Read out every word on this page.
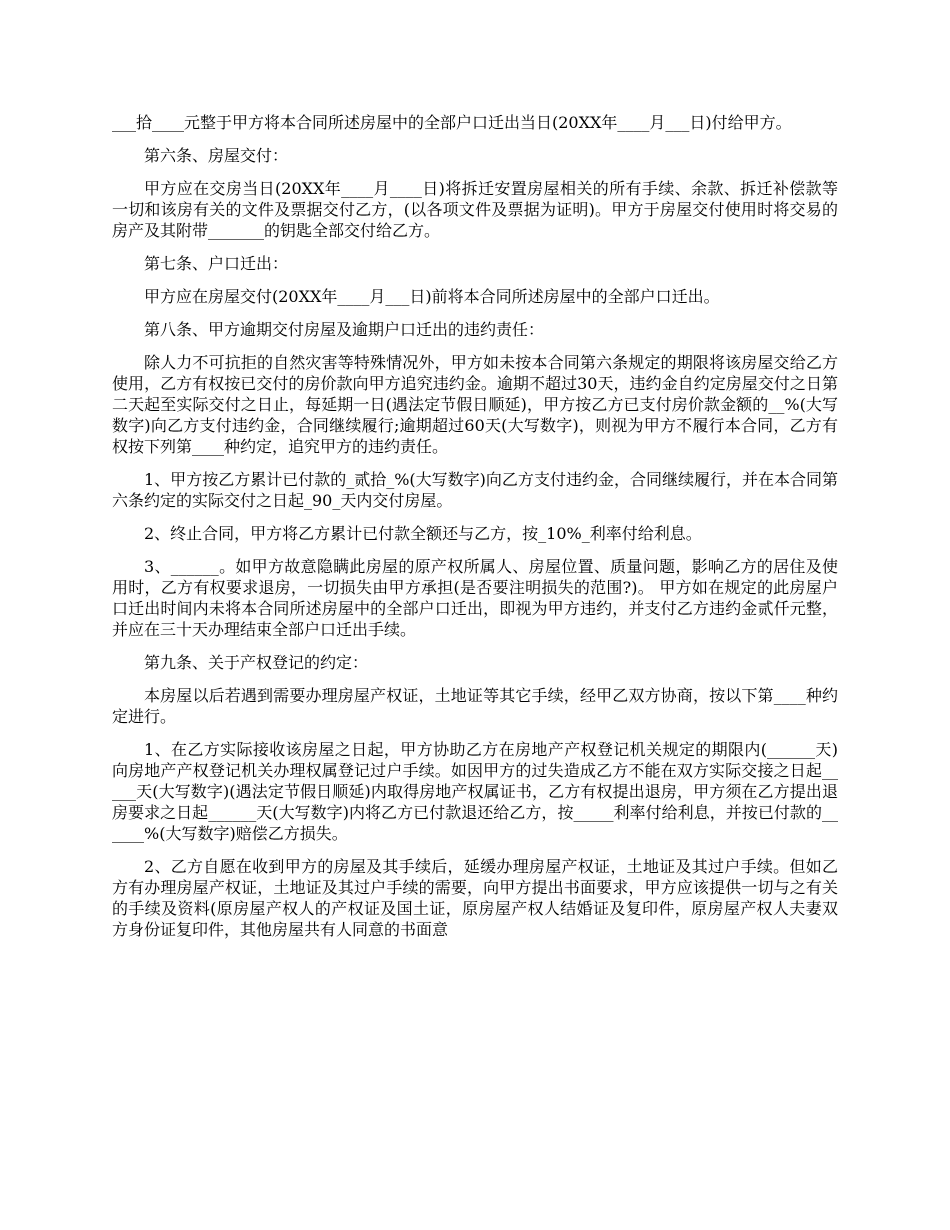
___拾____元整于甲方将本合同所述房屋中的全部户口迁出当日(20XX年____月___日)付给甲方。

第六条、房屋交付：

甲方应在交房当日(20XX年____月____日)将拆迁安置房屋相关的所有手续、余款、拆迁补偿款等一切和该房有关的文件及票据交付乙方，(以各项文件及票据为证明)。甲方于房屋交付使用时将交易的房产及其附带_______的钥匙全部交付给乙方。

第七条、户口迁出：

甲方应在房屋交付(20XX年____月___日)前将本合同所述房屋中的全部户口迁出。

第八条、甲方逾期交付房屋及逾期户口迁出的违约责任：

除人力不可抗拒的自然灾害等特殊情况外，甲方如未按本合同第六条规定的期限将该房屋交给乙方使用，乙方有权按已交付的房价款向甲方追究违约金。逾期不超过30天，违约金自约定房屋交付之日第二天起至实际交付之日止，每延期一日(遇法定节假日顺延)，甲方按乙方已支付房价款金额的__%(大写数字)向乙方支付违约金，合同继续履行;逾期超过60天(大写数字)，则视为甲方不履行本合同，乙方有权按下列第____种约定，追究甲方的违约责任。

1、甲方按乙方累计已付款的_贰拾_%(大写数字)向乙方支付违约金，合同继续履行，并在本合同第六条约定的实际交付之日起_90_天内交付房屋。

2、终止合同，甲方将乙方累计已付款全额还与乙方，按_10%_利率付给利息。

3、______。如甲方故意隐瞒此房屋的原产权所属人、房屋位置、质量问题，影响乙方的居住及使用时，乙方有权要求退房，一切损失由甲方承担(是否要注明损失的范围?)。 甲方如在规定的此房屋户口迁出时间内未将本合同所述房屋中的全部户口迁出，即视为甲方违约，并支付乙方违约金贰仟元整，并应在三十天办理结束全部户口迁出手续。

第九条、关于产权登记的约定：

本房屋以后若遇到需要办理房屋产权证，土地证等其它手续，经甲乙双方协商，按以下第____种约定进行。

1、在乙方实际接收该房屋之日起，甲方协助乙方在房地产产权登记机关规定的期限内(______天)向房地产产权登记机关办理权属登记过户手续。如因甲方的过失造成乙方不能在双方实际交接之日起_____天(大写数字)(遇法定节假日顺延)内取得房地产权属证书，乙方有权提出退房，甲方须在乙方提出退房要求之日起______天(大写数字)内将乙方已付款退还给乙方，按_____利率付给利息，并按已付款的______%(大写数字)赔偿乙方损失。

2、乙方自愿在收到甲方的房屋及其手续后，延缓办理房屋产权证，土地证及其过户手续。但如乙方有办理房屋产权证，土地证及其过户手续的需要，向甲方提出书面要求，甲方应该提供一切与之有关的手续及资料(原房屋产权人的产权证及国土证，原房屋产权人结婚证及复印件，原房屋产权人夫妻双方身份证复印件，其他房屋共有人同意的书面意
